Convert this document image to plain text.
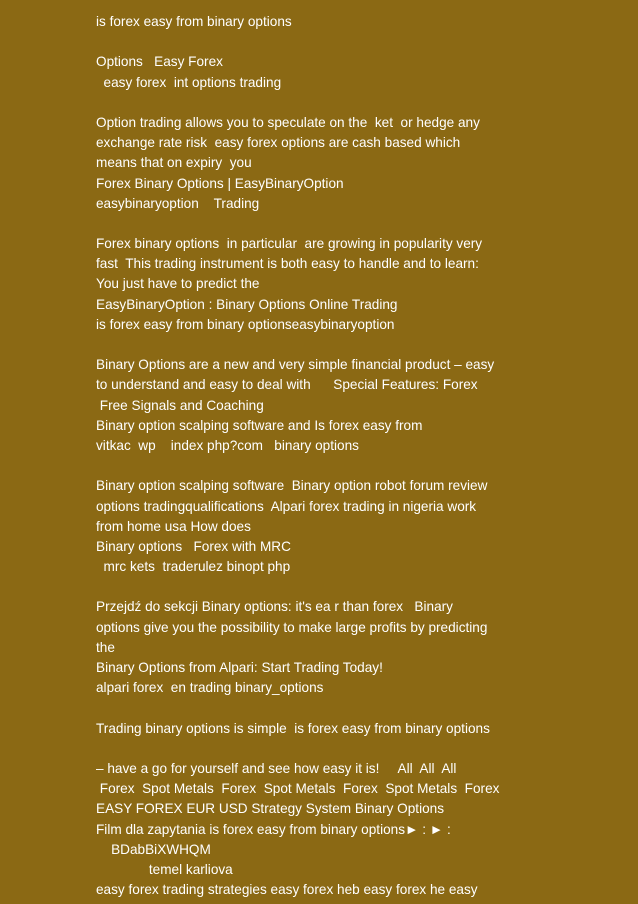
is forex easy from binary options
Options   Easy Forex
easy forex  int options trading
Option trading allows you to speculate on the  ket  or hedge any
exchange rate risk  easy forex options are cash based which
means that on expiry  you
Forex Binary Options | EasyBinaryOption
easybinaryoption    Trading
Forex binary options  in particular  are growing in popularity very
fast  This trading instrument is both easy to handle and to learn:
You just have to predict the
EasyBinaryOption : Binary Options Online Trading
is forex easy from binary optionseasybinaryoption
Binary Options are a new and very simple financial product – easy
to understand and easy to deal with      Special Features: Forex
Free Signals and Coaching
Binary option scalping software and Is forex easy from
vitkac  wp    index php?com   binary options
Binary option scalping software  Binary option robot forum review
options tradingqualifications  Alpari forex trading in nigeria work
from home usa How does
Binary options   Forex with MRC
mrc kets  traderulez binopt php
Przejdź do sekcji Binary options: it's ea r than forex   Binary
options give you the possibility to make large profits by predicting
the
Binary Options from Alpari: Start Trading Today!
alpari forex  en trading binary_options
Trading binary options is simple  is forex easy from binary options
– have a go for yourself and see how easy it is!     All  All  All
Forex  Spot Metals  Forex  Spot Metals  Forex  Spot Metals  Forex
EASY FOREX EUR USD Strategy System Binary Options
Film dla zapytania is forex easy from binary options► : ► :
BDabBiXWHQM
temel karliova
easy forex trading strategies easy forex heb easy forex he easy
